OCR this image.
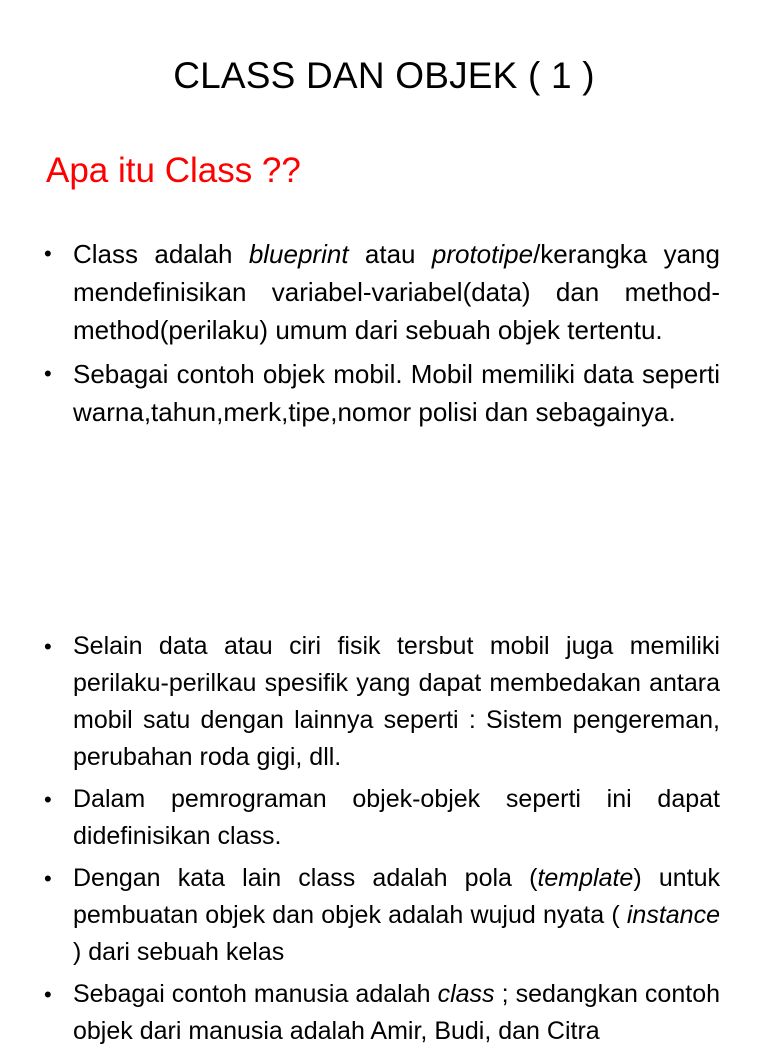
CLASS DAN OBJEK ( 1 )
Apa itu Class ??
• Class adalah blueprint atau prototipe/kerangka yang mendefinisikan variabel-variabel(data) dan method-method(perilaku) umum dari sebuah objek tertentu.
• Sebagai contoh objek mobil. Mobil memiliki data seperti warna,tahun,merk,tipe,nomor polisi dan sebagainya.
• Selain data atau ciri fisik tersbut mobil juga memiliki perilaku-perilkau spesifik yang dapat membedakan antara mobil satu dengan lainnya seperti : Sistem pengereman, perubahan roda gigi, dll.
• Dalam pemrograman objek-objek seperti ini dapat didefinisikan class.
• Dengan kata lain class adalah pola (template) untuk pembuatan objek dan objek adalah wujud nyata ( instance ) dari sebuah kelas
• Sebagai contoh manusia adalah class ; sedangkan contoh objek dari manusia adalah Amir, Budi, dan Citra
